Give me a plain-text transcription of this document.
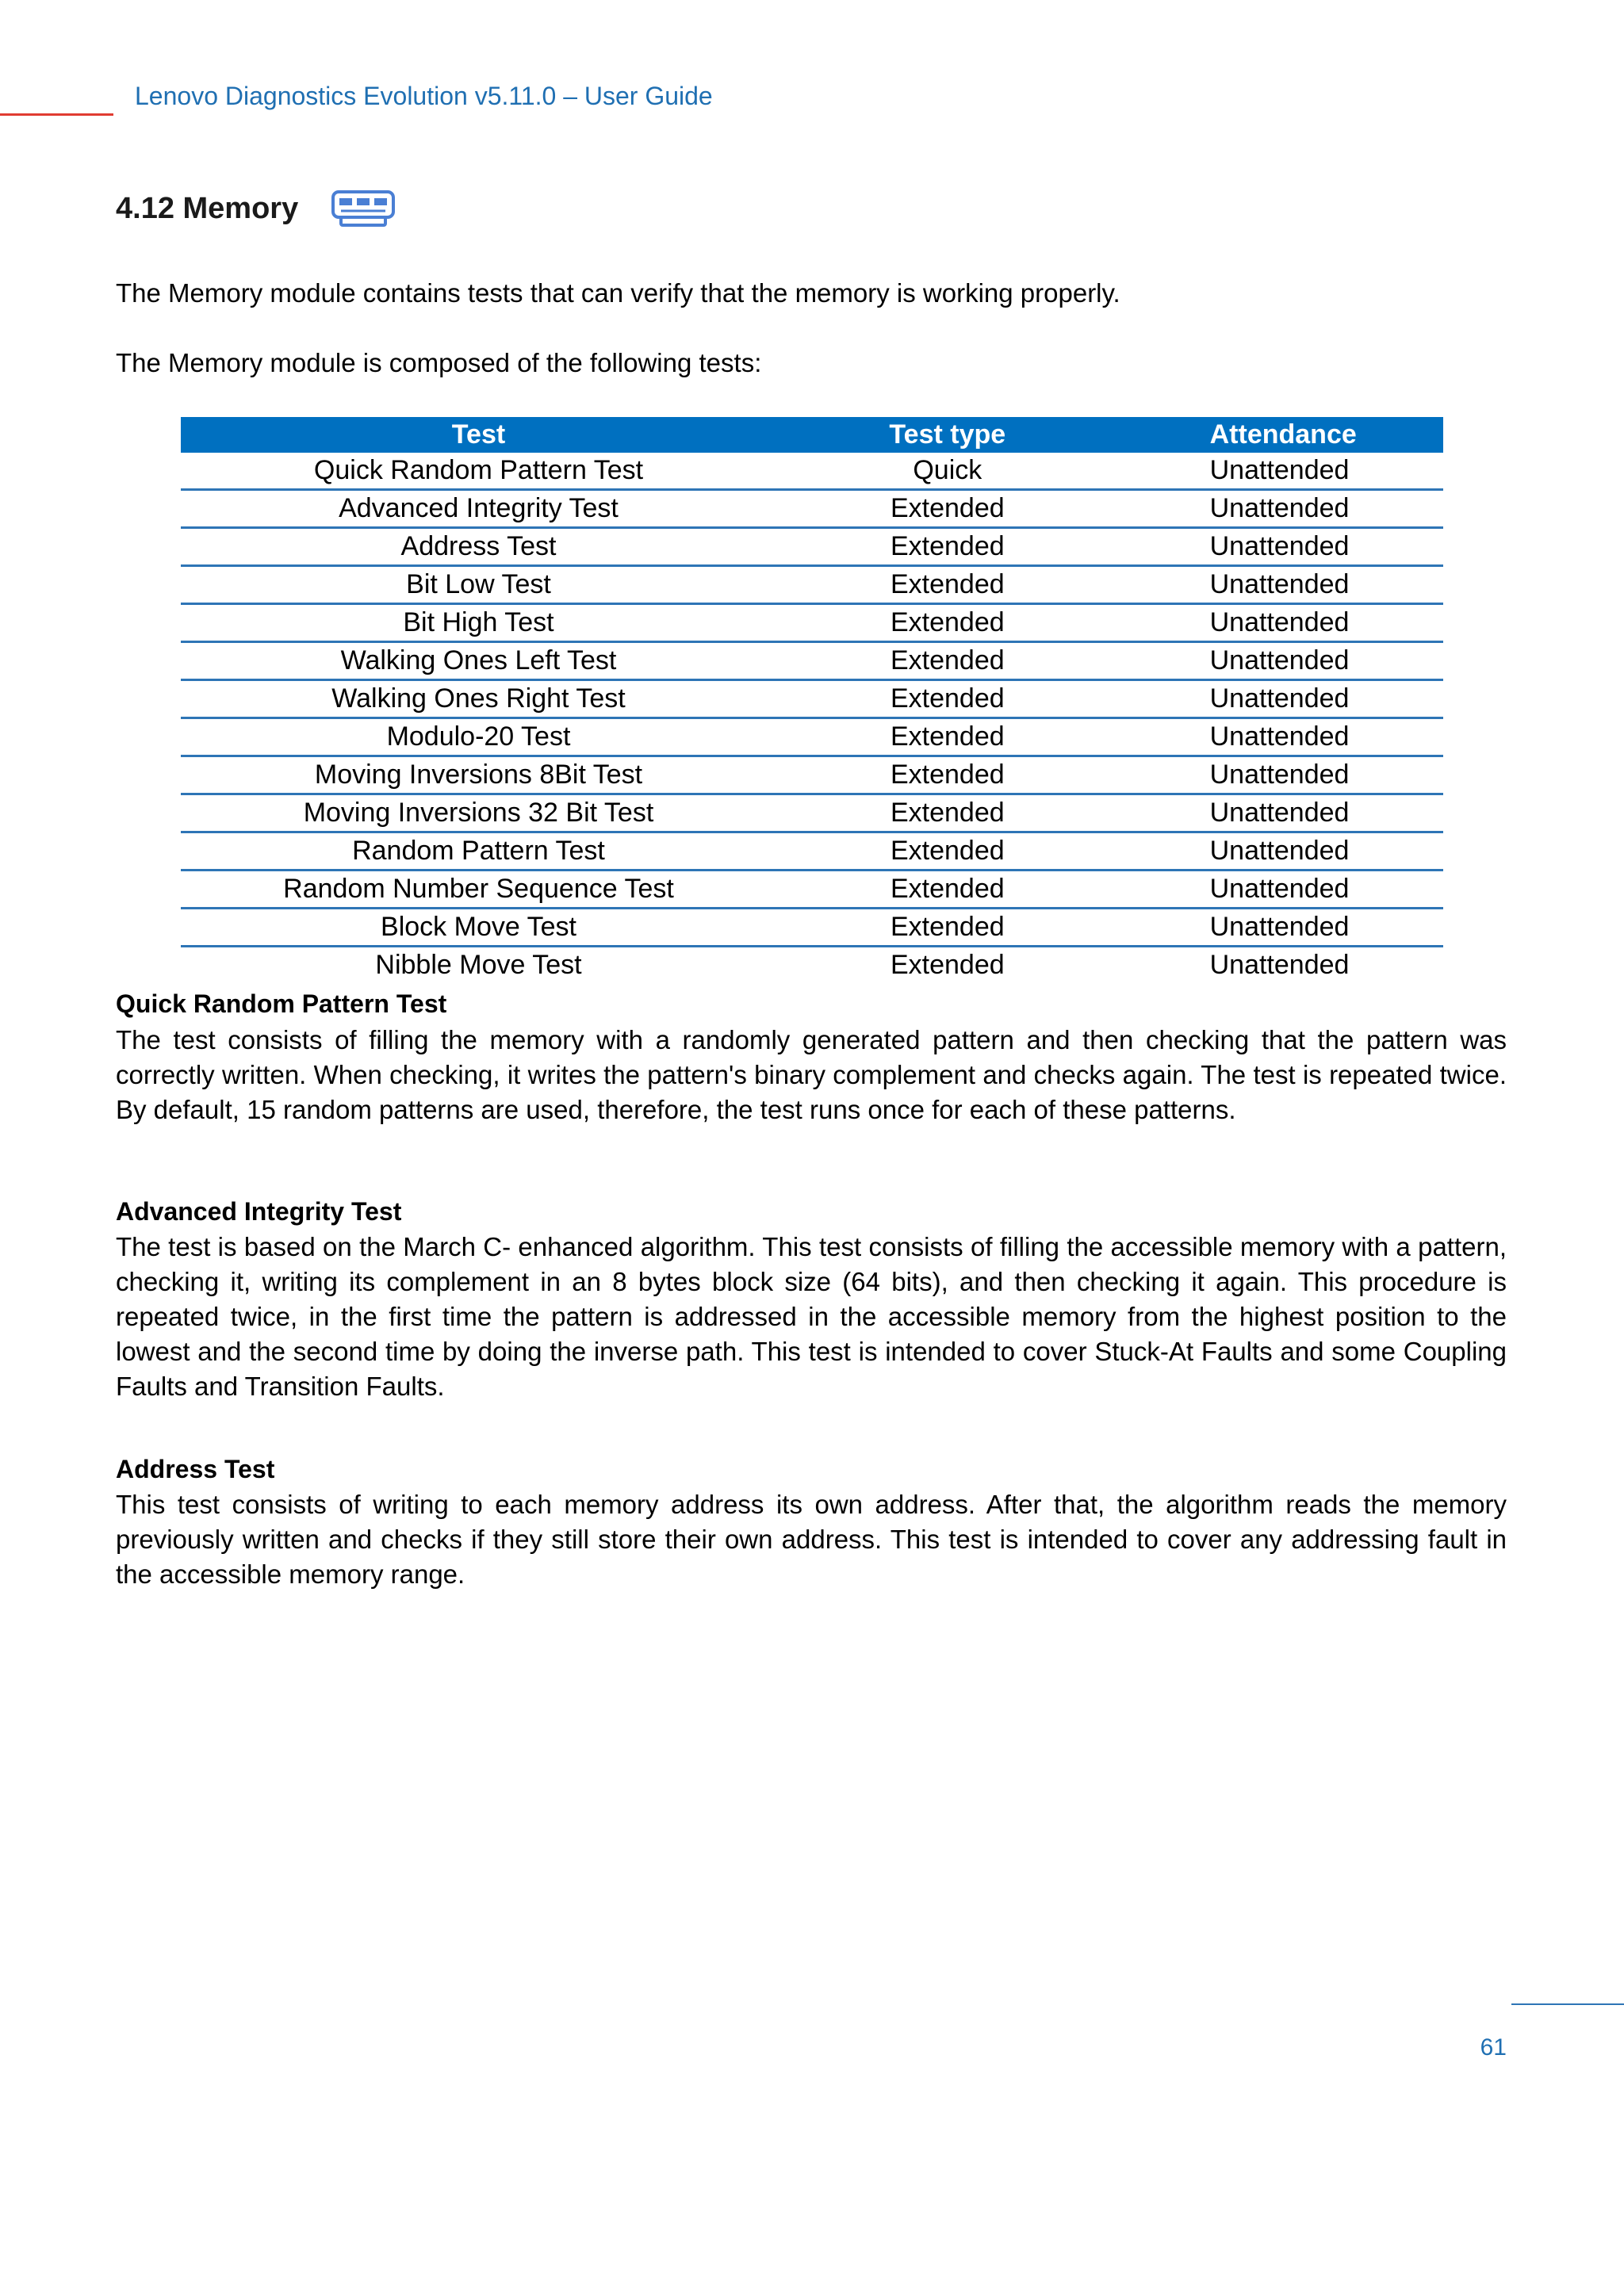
Lenovo Diagnostics Evolution v5.11.0 – User Guide
4.12 Memory

The Memory module contains tests that can verify that the memory is working properly.

The Memory module is composed of the following tests:

Test	Test type	Attendance
Quick Random Pattern Test	Quick	Unattended
Advanced Integrity Test	Extended	Unattended
Address Test	Extended	Unattended
Bit Low Test	Extended	Unattended
Bit High Test	Extended	Unattended
Walking Ones Left Test	Extended	Unattended
Walking Ones Right Test	Extended	Unattended
Modulo-20 Test	Extended	Unattended
Moving Inversions 8Bit Test	Extended	Unattended
Moving Inversions 32 Bit Test	Extended	Unattended
Random Pattern Test	Extended	Unattended
Random Number Sequence Test	Extended	Unattended
Block Move Test	Extended	Unattended
Nibble Move Test	Extended	Unattended
Quick Random Pattern Test

The test consists of filling the memory with a randomly generated pattern and then checking that the pattern was correctly written. When checking, it writes the pattern's binary complement and checks again. The test is repeated twice. By default, 15 random patterns are used, therefore, the test runs once for each of these patterns.

Advanced Integrity Test

The test is based on the March C- enhanced algorithm. This test consists of filling the accessible memory with a pattern, checking it, writing its complement in an 8 bytes block size (64 bits), and then checking it again. This procedure is repeated twice, in the first time the pattern is addressed in the accessible memory from the highest position to the lowest and the second time by doing the inverse path. This test is intended to cover Stuck-At Faults and some Coupling Faults and Transition Faults.

Address Test

This test consists of writing to each memory address its own address. After that, the algorithm reads the memory previously written and checks if they still store their own address. This test is intended to cover any addressing fault in the accessible memory range.

61
